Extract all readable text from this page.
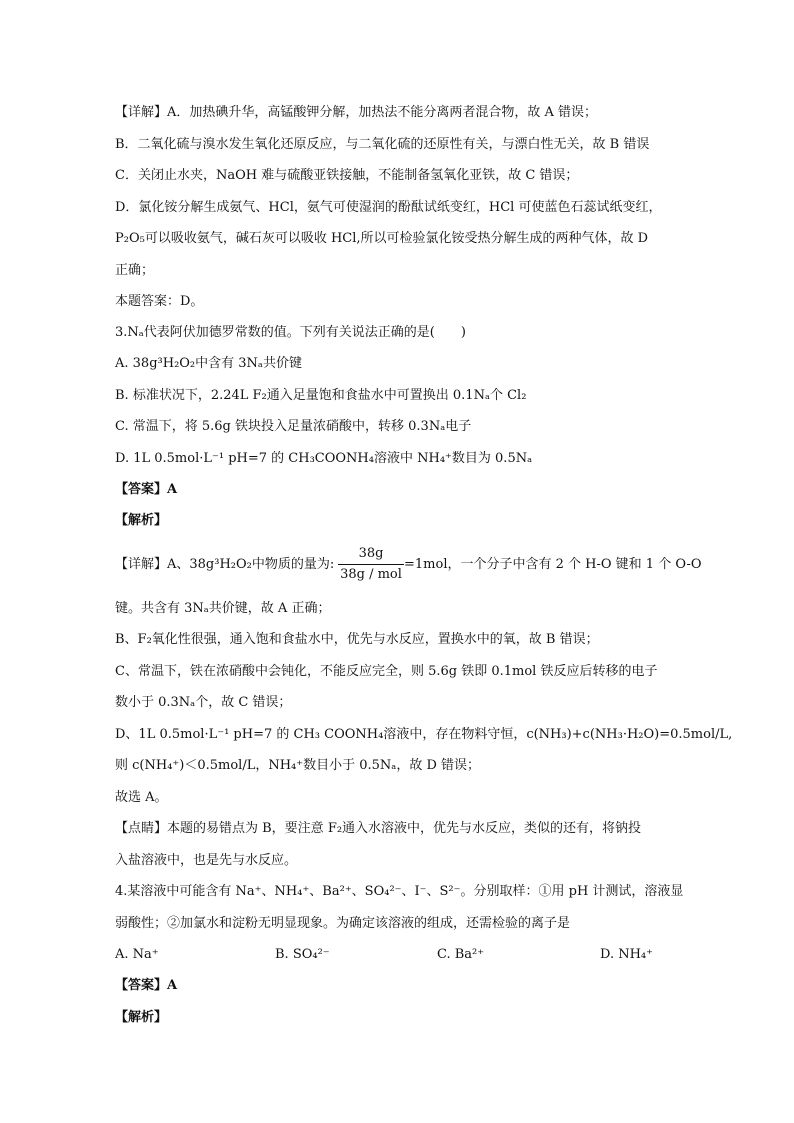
【详解】A．加热碘升华，高锰酸钾分解，加热法不能分离两者混合物，故 A 错误；
B．二氧化硫与溴水发生氧化还原反应，与二氧化硫的还原性有关，与漂白性无关，故 B 错误
C．关闭止水夹，NaOH 难与硫酸亚铁接触，不能制备氢氧化亚铁，故 C 错误；
D．氯化铵分解生成氨气、HCl，氨气可使湿润的酚酞试纸变红，HCl 可使蓝色石蕊试纸变红，
P₂O₅可以吸收氨气，碱石灰可以吸收 HCl,所以可检验氯化铵受热分解生成的两种气体，故 D
正确；
本题答案：D。
3.Nₐ代表阿伏加德罗常数的值。下列有关说法正确的是(　　)
A. 38g³H₂O₂中含有 3Nₐ共价键
B. 标准状况下，2.24L F₂通入足量饱和食盐水中可置换出 0.1Nₐ个 Cl₂
C. 常温下，将 5.6g 铁块投入足量浓硝酸中，转移 0.3Nₐ电子
D. 1L 0.5mol·L⁻¹ pH=7 的 CH₃COONH₄溶液中 NH₄⁺数目为 0.5Nₐ
【答案】A
【解析】
【详解】A、38g³H₂O₂中物质的量为:
38g
38g / mol
=1mol，一个分子中含有 2 个 H-O 键和 1 个 O-O
键。共含有 3Nₐ共价键，故 A 正确；
B、F₂氧化性很强，通入饱和食盐水中，优先与水反应，置换水中的氧，故 B 错误；
C、常温下，铁在浓硝酸中会钝化，不能反应完全，则 5.6g 铁即 0.1mol 铁反应后转移的电子
数小于 0.3Nₐ个，故 C 错误；
D、1L 0.5mol·L⁻¹ pH=7 的 CH₃ COONH₄溶液中，存在物料守恒，c(NH₃)+c(NH₃·H₂O)=0.5mol/L,
则 c(NH₄⁺)＜0.5mol/L，NH₄⁺数目小于 0.5Nₐ，故 D 错误；
故选 A。
【点睛】本题的易错点为 B，要注意 F₂通入水溶液中，优先与水反应，类似的还有，将钠投
入盐溶液中，也是先与水反应。
4.某溶液中可能含有 Na⁺、NH₄⁺、Ba²⁺、SO₄²⁻、I⁻、S²⁻。分别取样：①用 pH 计测试，溶液显
弱酸性；②加氯水和淀粉无明显现象。为确定该溶液的组成，还需检验的离子是
A. Na⁺	B. SO₄²⁻	C. Ba²⁺	D. NH₄⁺
【答案】A
【解析】
